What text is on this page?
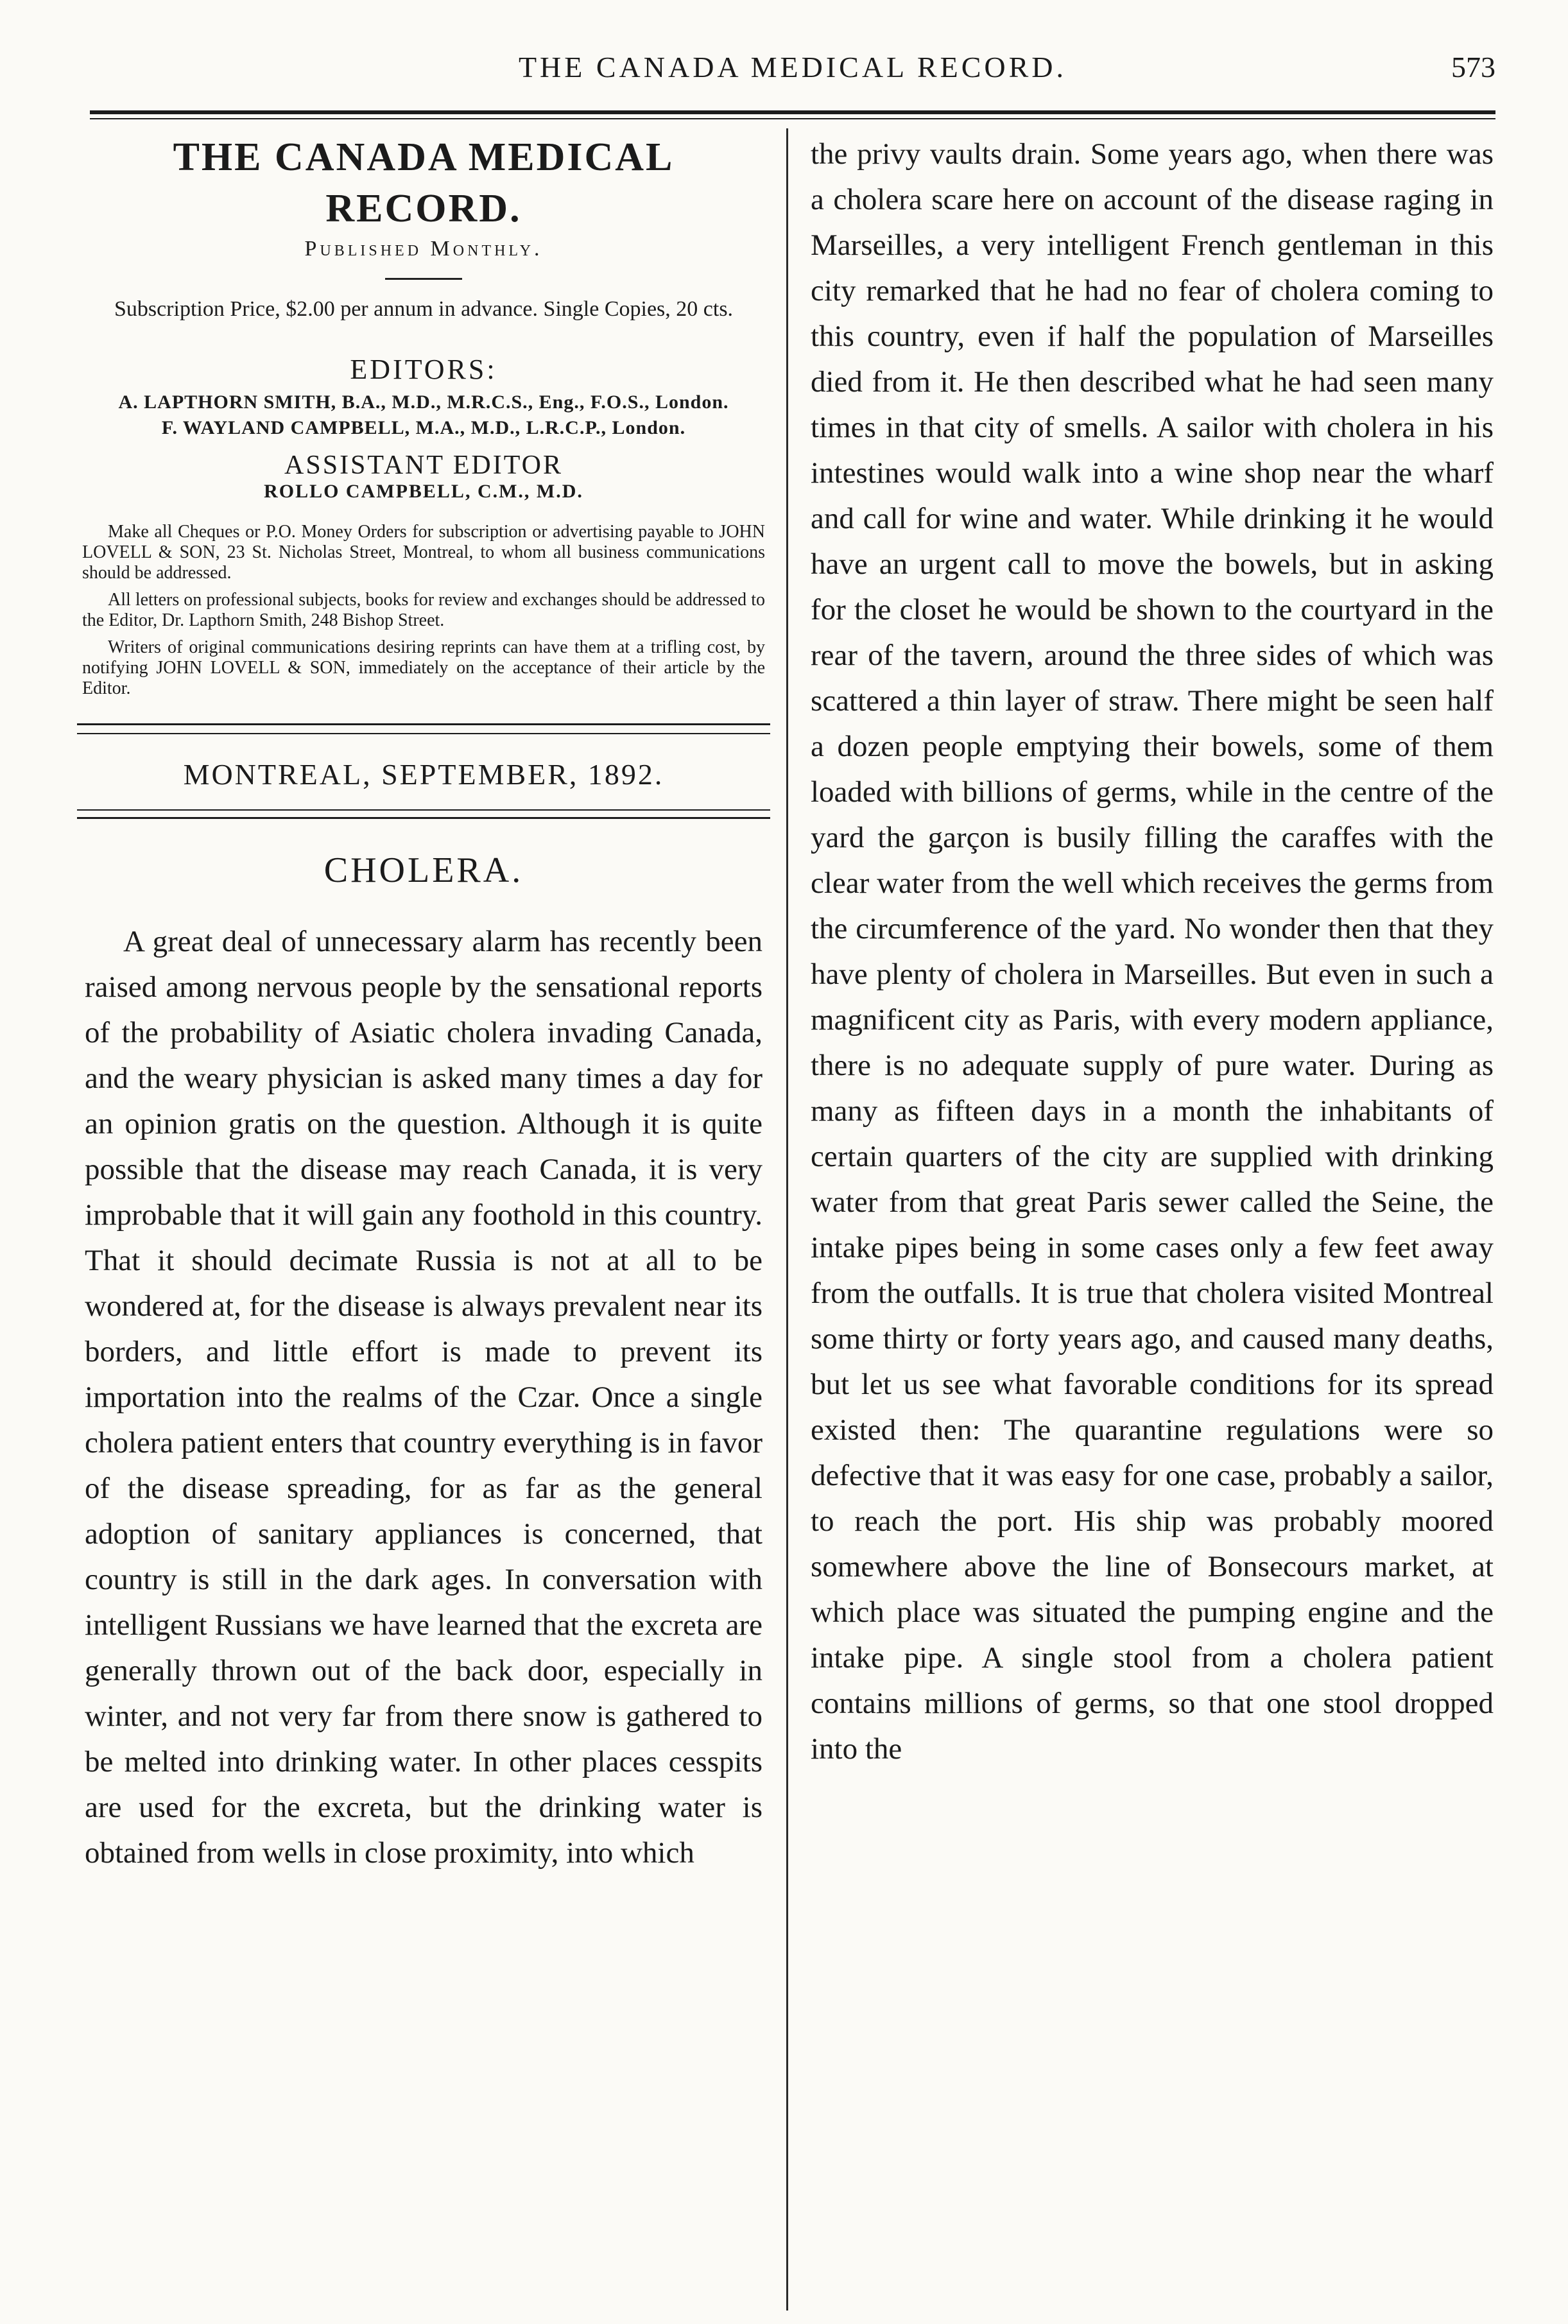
THE CANADA MEDICAL RECORD.	573
THE CANADA MEDICAL RECORD.

Published Monthly.

Subscription Price, $2.00 per annum in advance. Single Copies, 20 cts.

EDITORS:
A. LAPTHORN SMITH, B.A., M.D., M.R.C.S., Eng., F.O.S., London.
F. WAYLAND CAMPBELL, M.A., M.D., L.R.C.P., London.
ASSISTANT EDITOR
ROLLO CAMPBELL, C.M., M.D.

Make all Cheques or P.O. Money Orders for subscription or advertising payable to JOHN LOVELL & SON, 23 St. Nicholas Street, Montreal, to whom all business communications should be addressed.

All letters on professional subjects, books for review and exchanges should be addressed to the Editor, Dr. Lapthorn Smith, 248 Bishop Street.

Writers of original communications desiring reprints can have them at a trifling cost, by notifying JOHN LOVELL & SON, immediately on the acceptance of their article by the Editor.

MONTREAL, SEPTEMBER, 1892.
CHOLERA.

A great deal of unnecessary alarm has recently been raised among nervous people by the sensational reports of the probability of Asiatic cholera invading Canada, and the weary physician is asked many times a day for an opinion gratis on the question. Although it is quite possible that the disease may reach Canada, it is very improbable that it will gain any foothold in this country. That it should decimate Russia is not at all to be wondered at, for the disease is always prevalent near its borders, and little effort is made to prevent its importation into the realms of the Czar. Once a single cholera patient enters that country everything is in favor of the disease spreading, for as far as the general adoption of sanitary appliances is concerned, that country is still in the dark ages. In conversation with intelligent Russians we have learned that the excreta are generally thrown out of the back door, especially in winter, and not very far from there snow is gathered to be melted into drinking water. In other places cesspits are used for the excreta, but the drinking water is obtained from wells in close proximity, into which

the privy vaults drain. Some years ago, when there was a cholera scare here on account of the disease raging in Marseilles, a very intelligent French gentleman in this city remarked that he had no fear of cholera coming to this country, even if half the population of Marseilles died from it. He then described what he had seen many times in that city of smells. A sailor with cholera in his intestines would walk into a wine shop near the wharf and call for wine and water. While drinking it he would have an urgent call to move the bowels, but in asking for the closet he would be shown to the courtyard in the rear of the tavern, around the three sides of which was scattered a thin layer of straw. There might be seen half a dozen people emptying their bowels, some of them loaded with billions of germs, while in the centre of the yard the garçon is busily filling the caraffes with the clear water from the well which receives the germs from the circumference of the yard. No wonder then that they have plenty of cholera in Marseilles. But even in such a magnificent city as Paris, with every modern appliance, there is no adequate supply of pure water. During as many as fifteen days in a month the inhabitants of certain quarters of the city are supplied with drinking water from that great Paris sewer called the Seine, the intake pipes being in some cases only a few feet away from the outfalls. It is true that cholera visited Montreal some thirty or forty years ago, and caused many deaths, but let us see what favorable conditions for its spread existed then: The quarantine regulations were so defective that it was easy for one case, probably a sailor, to reach the port. His ship was probably moored somewhere above the line of Bonsecours market, at which place was situated the pumping engine and the intake pipe. A single stool from a cholera patient contains millions of germs, so that one stool dropped into the
